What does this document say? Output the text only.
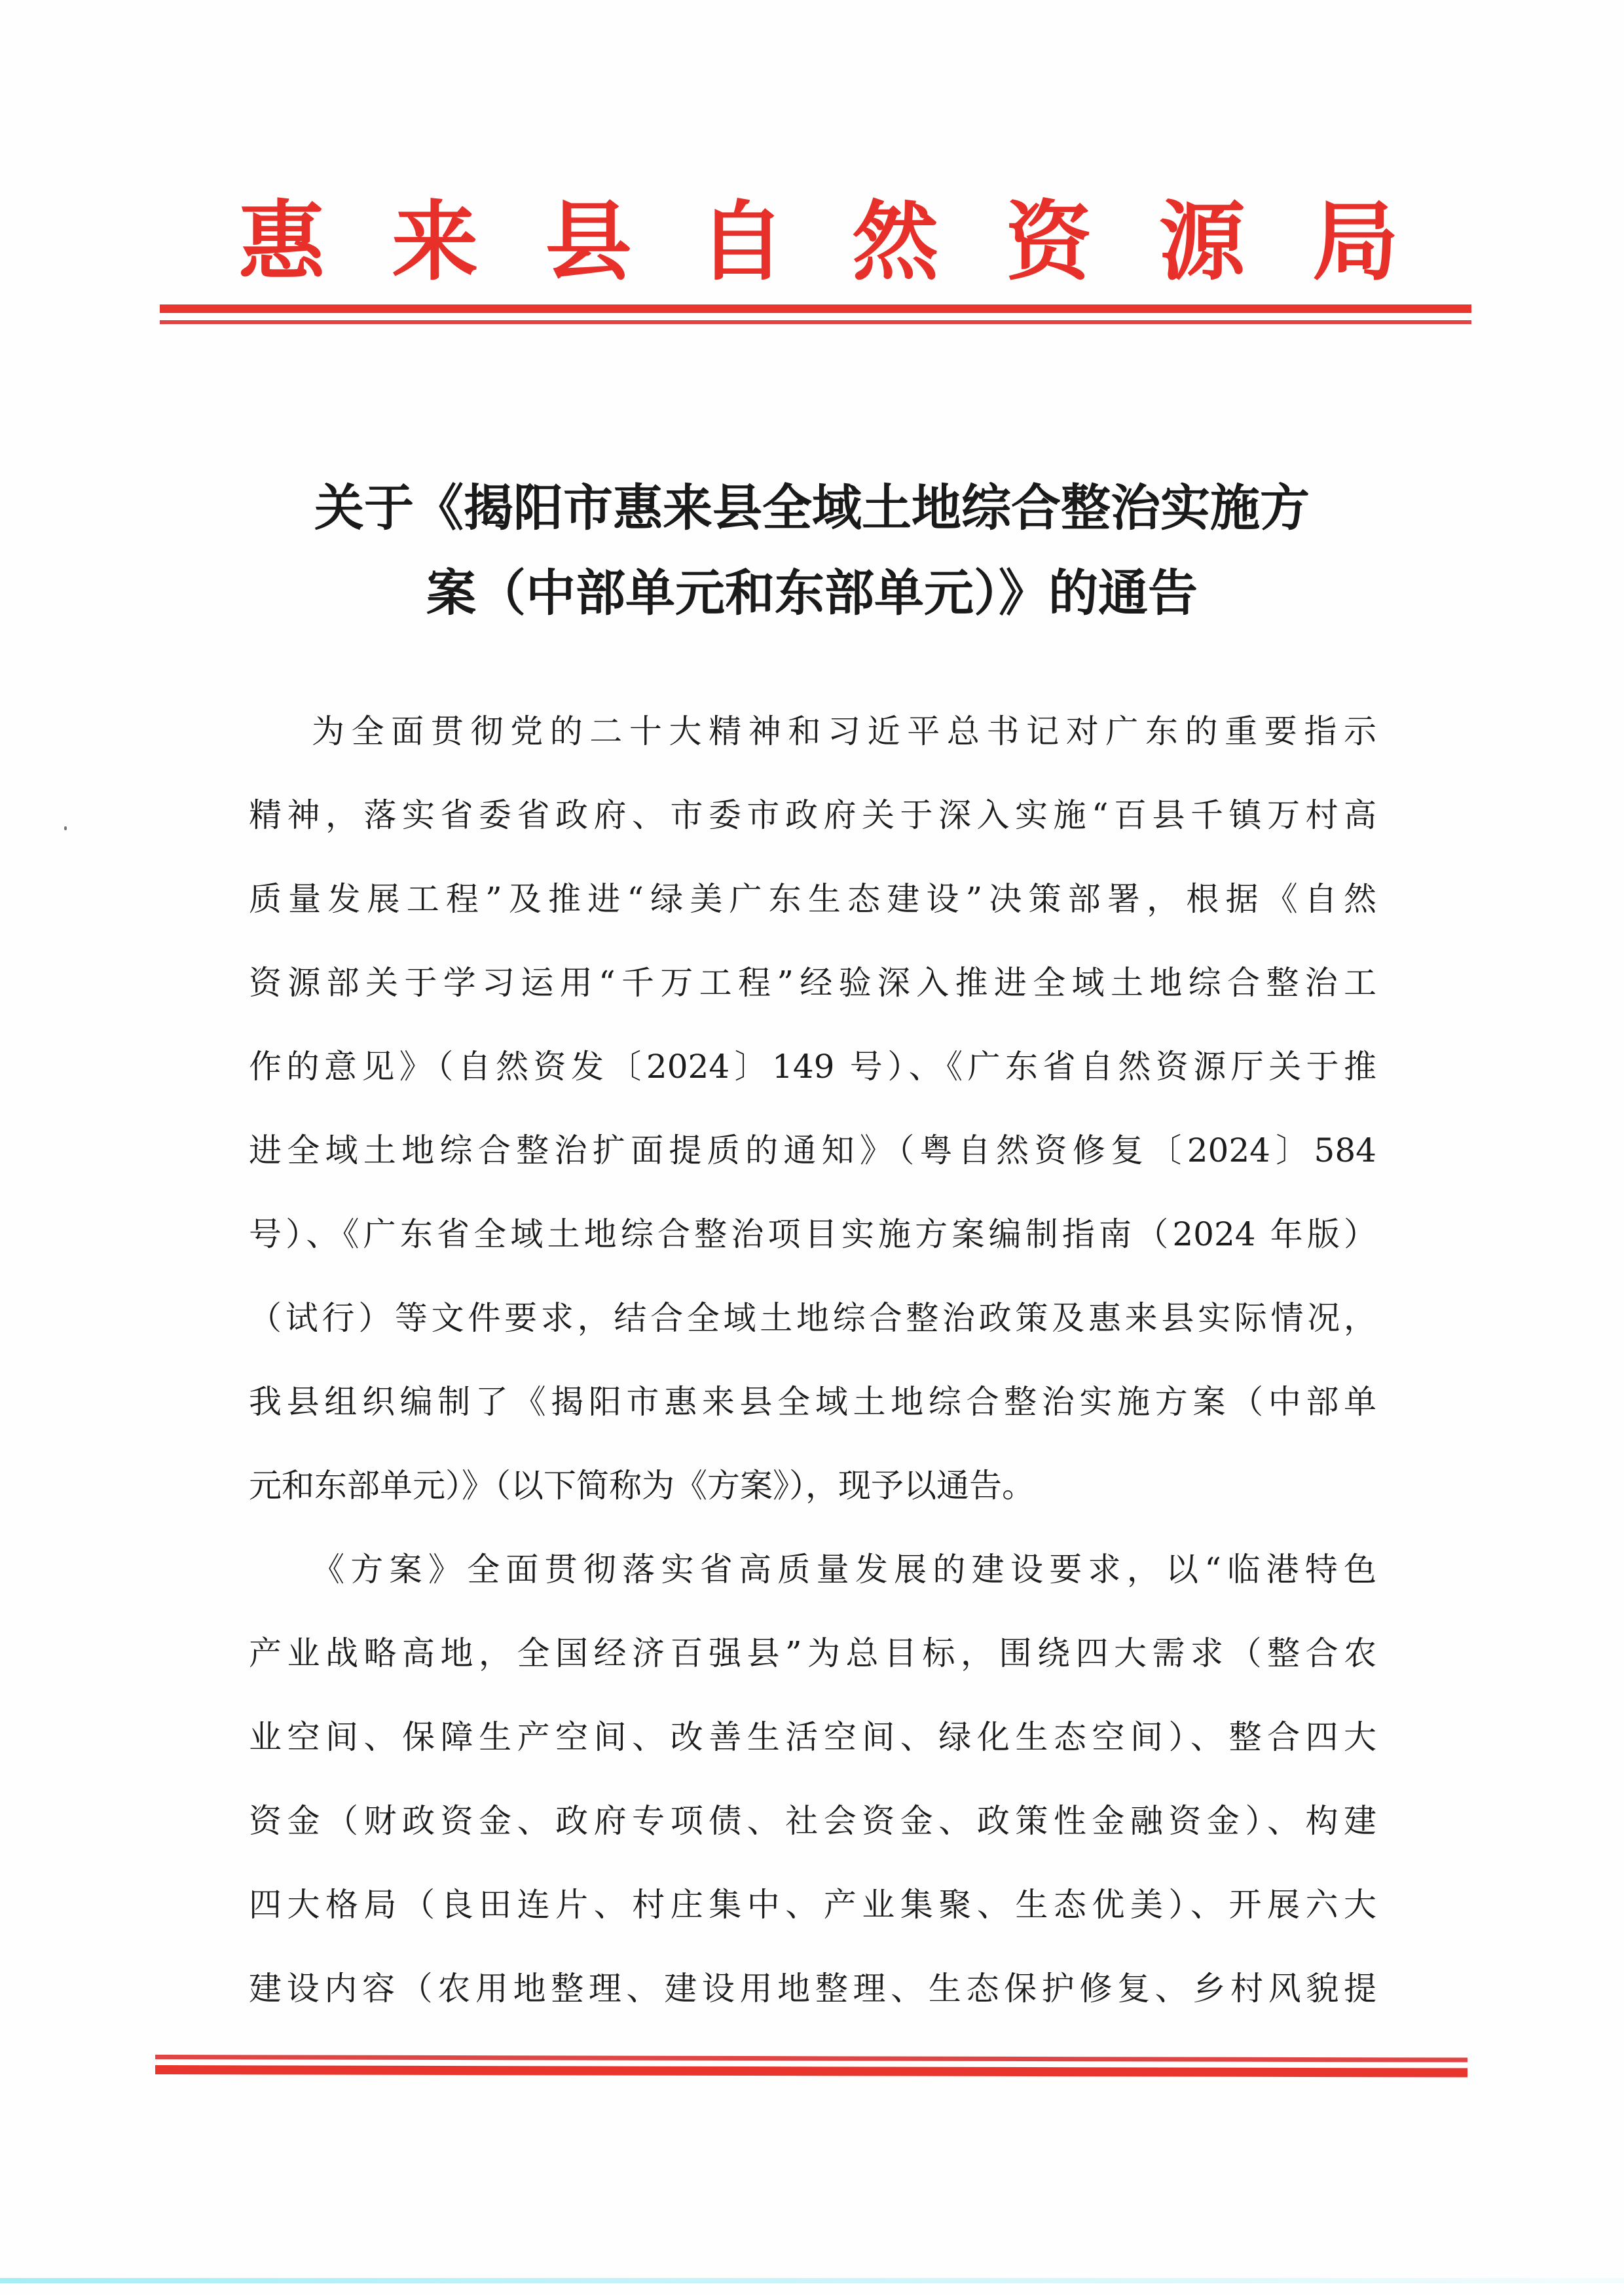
惠 来 县 自 然 资 源 局
关于《揭阳市惠来县全域土地综合整治实施方
案（中部单元和东部单元）》的通告
为全面贯彻党的二十大精神和习近平总书记对广东的重要指示
精神，落实省委省政府、市委市政府关于深入实施“百县千镇万村高
质量发展工程”及推进“绿美广东生态建设”决策部署，根据《自然
资源部关于学习运用“千万工程”经验深入推进全域土地综合整治工
作的意见》（自然资发〔2024〕149 号）、《广东省自然资源厅关于推
进全域土地综合整治扩面提质的通知》（粤自然资修复〔2024〕584
号）、《广东省全域土地综合整治项目实施方案编制指南（2024 年版）
（试行）等文件要求，结合全域土地综合整治政策及惠来县实际情况，
我县组织编制了《揭阳市惠来县全域土地综合整治实施方案（中部单
元和东部单元）》（以下简称为《方案》），现予以通告。
《方案》全面贯彻落实省高质量发展的建设要求，以“临港特色
产业战略高地，全国经济百强县”为总目标，围绕四大需求（整合农
业空间、保障生产空间、改善生活空间、绿化生态空间）、整合四大
资金（财政资金、政府专项债、社会资金、政策性金融资金）、构建
四大格局（良田连片、村庄集中、产业集聚、生态优美）、开展六大
建设内容（农用地整理、建设用地整理、生态保护修复、乡村风貌提
